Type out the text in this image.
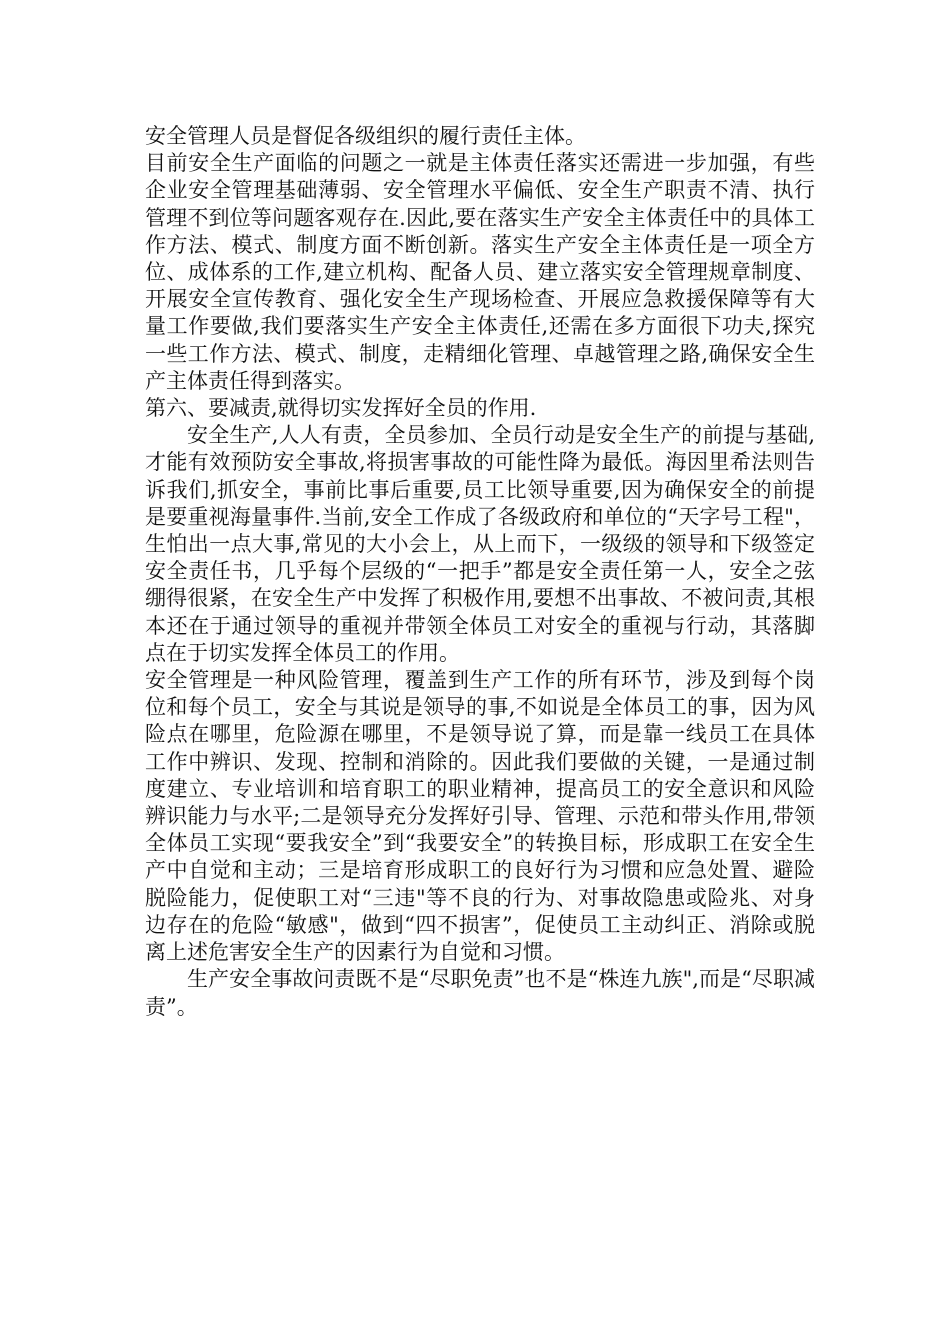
安全管理人员是督促各级组织的履行责任主体。

目前安全生产面临的问题之一就是主体责任落实还需进一步加强，有些企业安全管理基础薄弱、安全管理水平偏低、安全生产职责不清、执行管理不到位等问题客观存在.因此,要在落实生产安全主体责任中的具体工作方法、模式、制度方面不断创新。落实生产安全主体责任是一项全方位、成体系的工作,建立机构、配备人员、建立落实安全管理规章制度、开展安全宣传教育、强化安全生产现场检查、开展应急救援保障等有大量工作要做,我们要落实生产安全主体责任,还需在多方面很下功夫,探究一些工作方法、模式、制度，走精细化管理、卓越管理之路,确保安全生产主体责任得到落实。

第六、要减责,就得切实发挥好全员的作用.

安全生产,人人有责，全员参加、全员行动是安全生产的前提与基础,才能有效预防安全事故,将损害事故的可能性降为最低。海因里希法则告诉我们,抓安全，事前比事后重要,员工比领导重要,因为确保安全的前提是要重视海量事件.当前,安全工作成了各级政府和单位的“天字号工程"，生怕出一点大事,常见的大小会上，从上而下，一级级的领导和下级签定安全责任书，几乎每个层级的“一把手”都是安全责任第一人，安全之弦绷得很紧，在安全生产中发挥了积极作用,要想不出事故、不被问责,其根本还在于通过领导的重视并带领全体员工对安全的重视与行动，其落脚点在于切实发挥全体员工的作用。

安全管理是一种风险管理，覆盖到生产工作的所有环节，涉及到每个岗位和每个员工，安全与其说是领导的事,不如说是全体员工的事，因为风险点在哪里，危险源在哪里，不是领导说了算，而是靠一线员工在具体工作中辨识、发现、控制和消除的。因此我们要做的关键，一是通过制度建立、专业培训和培育职工的职业精神，提高员工的安全意识和风险辨识能力与水平;二是领导充分发挥好引导、管理、示范和带头作用,带领全体员工实现“要我安全”到“我要安全”的转换目标，形成职工在安全生产中自觉和主动；三是培育形成职工的良好行为习惯和应急处置、避险脱险能力，促使职工对“三违"等不良的行为、对事故隐患或险兆、对身边存在的危险“敏感"，做到“四不损害”，促使员工主动纠正、消除或脱离上述危害安全生产的因素行为自觉和习惯。

生产安全事故问责既不是“尽职免责”也不是“株连九族",而是“尽职减责”。
